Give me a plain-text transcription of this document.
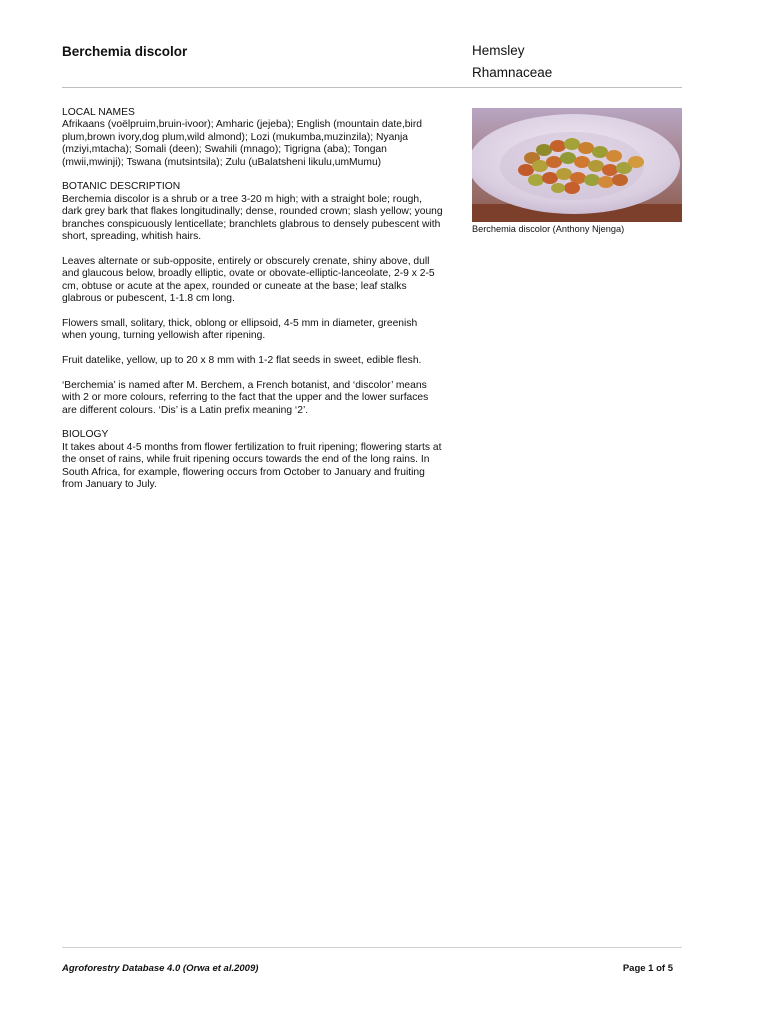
Berchemia discolor	Hemsley
Rhamnaceae
LOCAL NAMES

Afrikaans (voëlpruim,bruin-ivoor); Amharic (jejeba); English (mountain date,bird plum,brown ivory,dog plum,wild almond); Lozi (mukumba,muzinzila); Nyanja (mziyi,mtacha); Somali (deen); Swahili (mnago); Tigrigna (aba); Tongan (mwii,mwinji); Tswana (mutsintsila); Zulu (uBalatsheni likulu,umMumu)

BOTANIC DESCRIPTION

Berchemia discolor is a shrub or a tree 3-20 m high; with a straight bole; rough, dark grey bark that flakes longitudinally; dense, rounded crown; slash yellow; young branches conspicuously lenticellate; branchlets glabrous to densely pubescent with short, spreading, whitish hairs.

Leaves alternate or sub-opposite, entirely or obscurely crenate, shiny above, dull and glaucous below, broadly elliptic, ovate or obovate-elliptic-lanceolate, 2-9 x 2-5 cm, obtuse or acute at the apex, rounded or cuneate at the base; leaf stalks glabrous or pubescent, 1-1.8 cm long.

Flowers small, solitary, thick, oblong or ellipsoid, 4-5 mm in diameter, greenish when young, turning yellowish after ripening.

Fruit datelike, yellow, up to 20 x 8 mm with 1-2 flat seeds in sweet, edible flesh.

‘Berchemia’ is named after M. Berchem, a French botanist, and ‘discolor’ means with 2 or more colours, referring to the fact that the upper and the lower surfaces are different colours. ‘Dis’ is a Latin prefix meaning ‘2’.

BIOLOGY

It takes about 4-5 months from flower fertilization to fruit ripening; flowering starts at the onset of rains, while fruit ripening occurs towards the end of the long rains. In South Africa, for example, flowering occurs from October to January and fruiting from January to July.

Berchemia discolor (Anthony Njenga)
Agroforestry Database 4.0 (Orwa et al.2009)	Page 1 of 5
